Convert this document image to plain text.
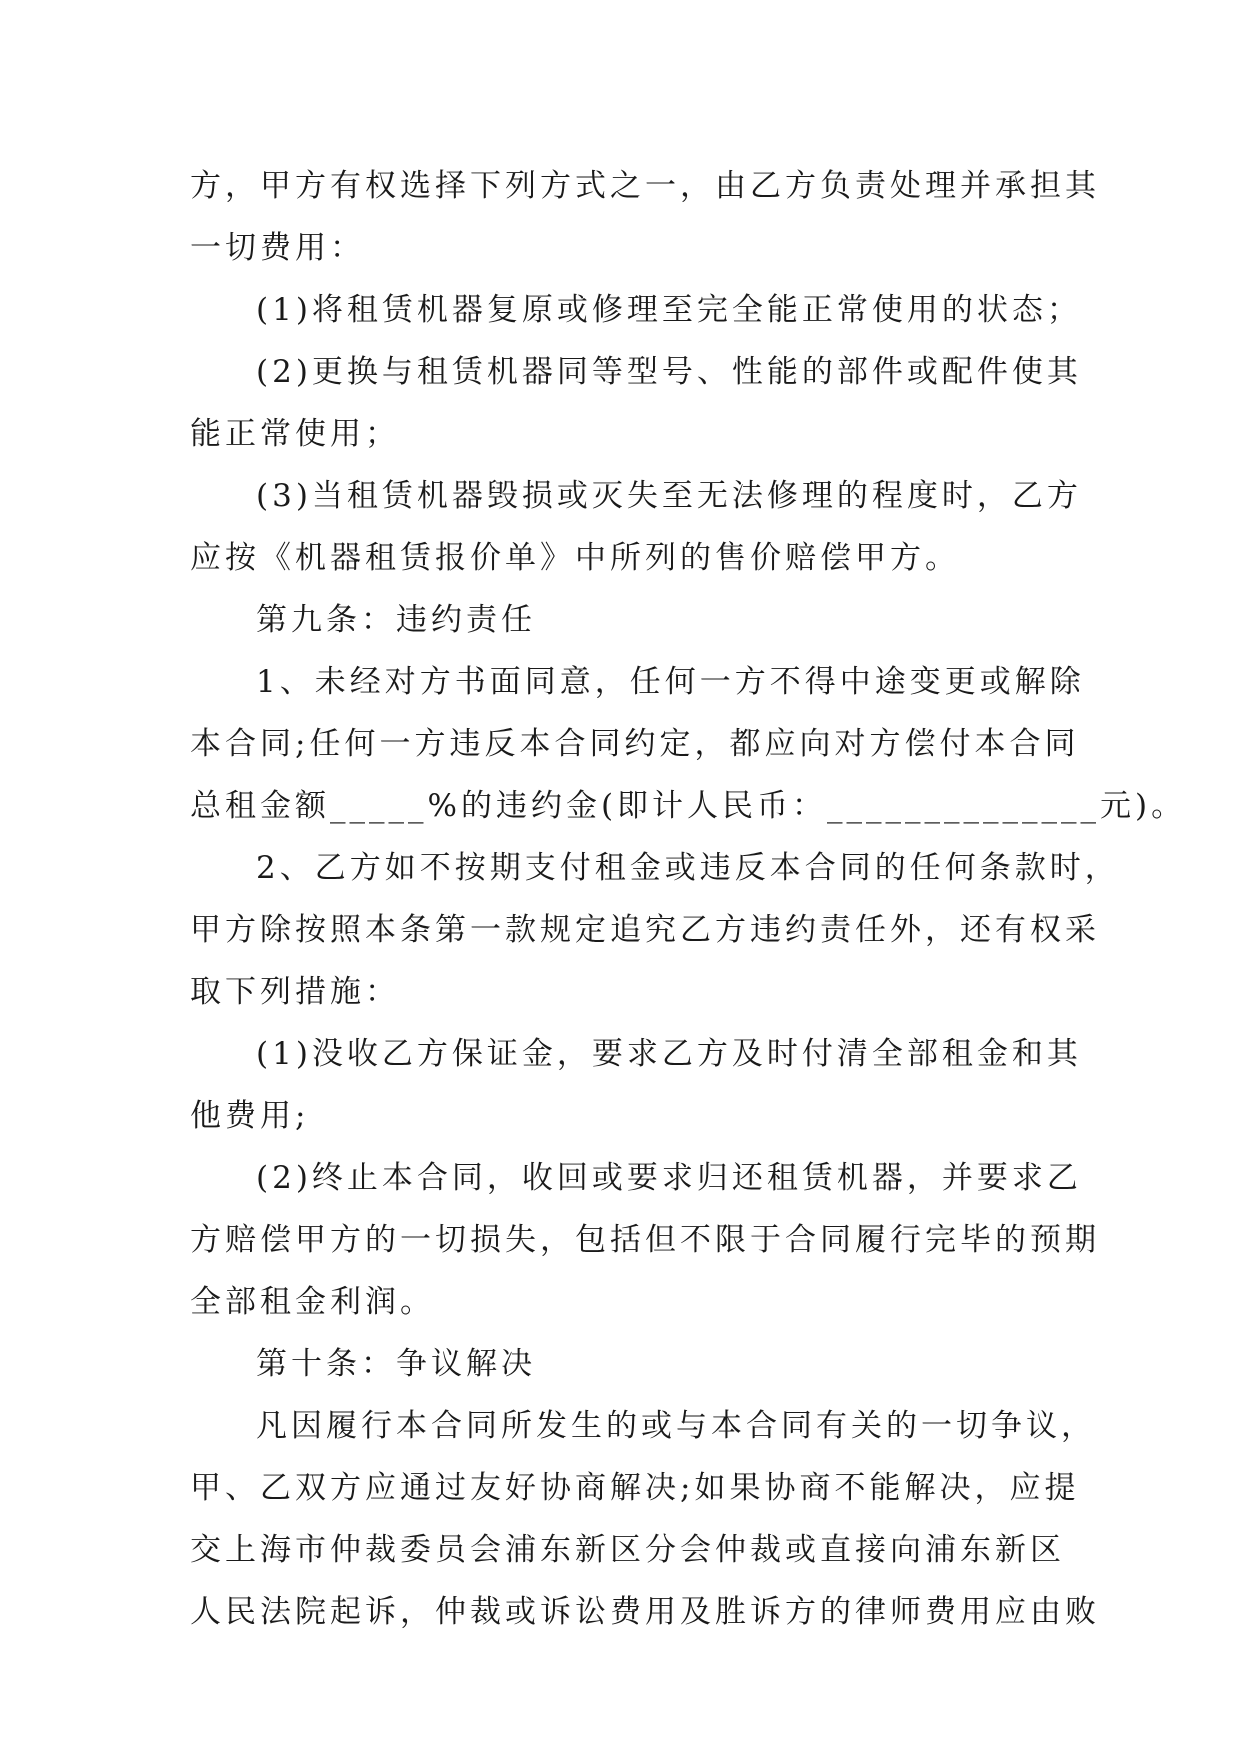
方，甲方有权选择下列方式之一，由乙方负责处理并承担其
一切费用：
(1)将租赁机器复原或修理至完全能正常使用的状态；
(2)更换与租赁机器同等型号、性能的部件或配件使其
能正常使用；
(3)当租赁机器毁损或灭失至无法修理的程度时，乙方
应按《机器租赁报价单》中所列的售价赔偿甲方。
第九条：违约责任
1、未经对方书面同意，任何一方不得中途变更或解除
本合同;任何一方违反本合同约定，都应向对方偿付本合同
总租金额_____%的违约金(即计人民币：______________元)。
2、乙方如不按期支付租金或违反本合同的任何条款时，
甲方除按照本条第一款规定追究乙方违约责任外，还有权采
取下列措施：
(1)没收乙方保证金，要求乙方及时付清全部租金和其
他费用;
(2)终止本合同，收回或要求归还租赁机器，并要求乙
方赔偿甲方的一切损失，包括但不限于合同履行完毕的预期
全部租金利润。
第十条：争议解决
凡因履行本合同所发生的或与本合同有关的一切争议，
甲、乙双方应通过友好协商解决;如果协商不能解决，应提
交上海市仲裁委员会浦东新区分会仲裁或直接向浦东新区
人民法院起诉，仲裁或诉讼费用及胜诉方的律师费用应由败
